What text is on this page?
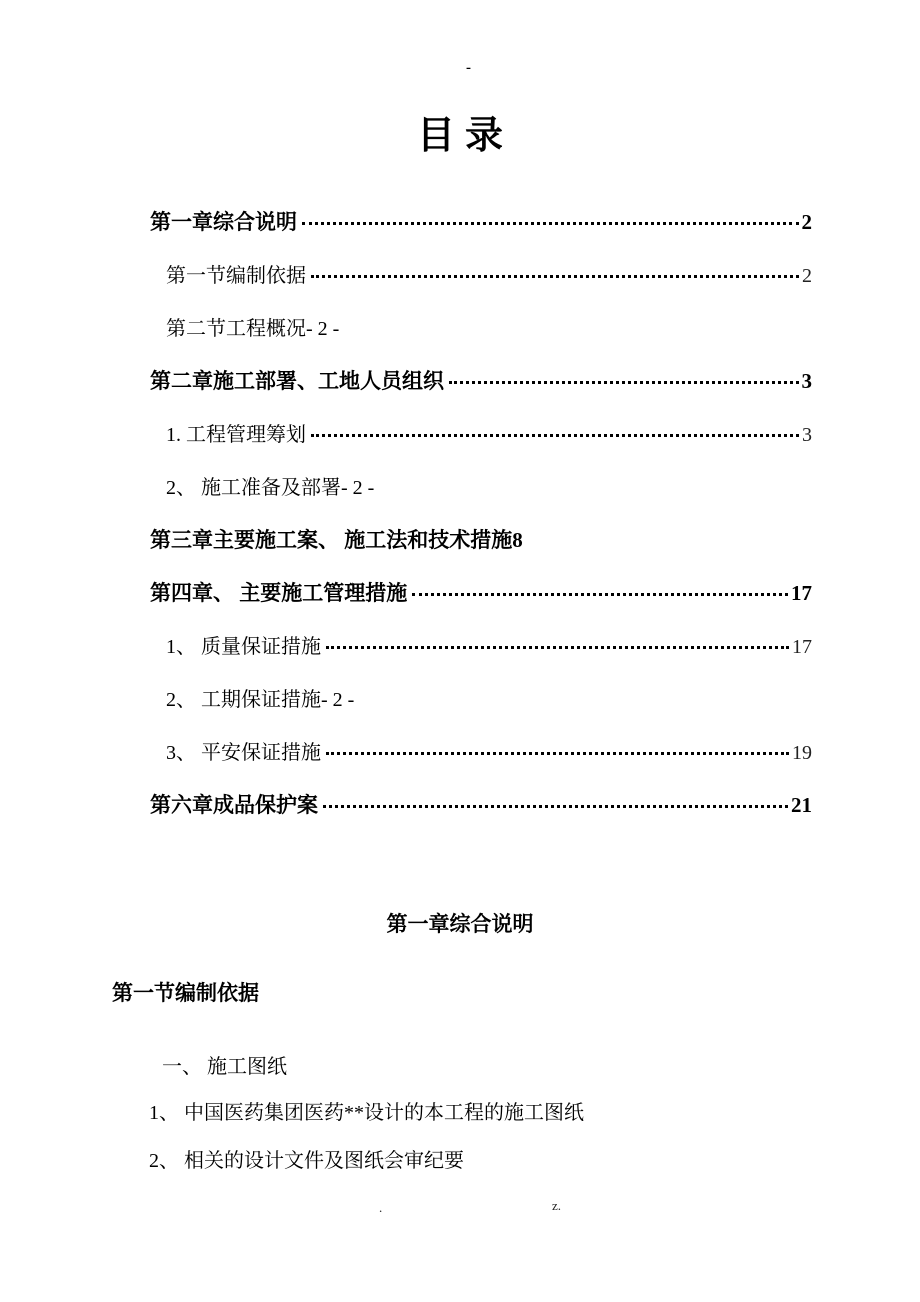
-
目录
第一章综合说明	2
第一节编制依据	2
第二节工程概况- 2 -
第二章施工部署、工地人员组织	3
1. 工程管理筹划	3
2、 施工准备及部署- 2 -
第三章主要施工案、 施工法和技术措施8
第四章、 主要施工管理措施	17
1、 质量保证措施	17
2、 工期保证措施- 2 -
3、 平安保证措施	19
第六章成品保护案	21
第一章综合说明
第一节编制依据
一、 施工图纸
1、 中国医药集团医药**设计的本工程的施工图纸
2、 相关的设计文件及图纸会审纪要
.	z.
